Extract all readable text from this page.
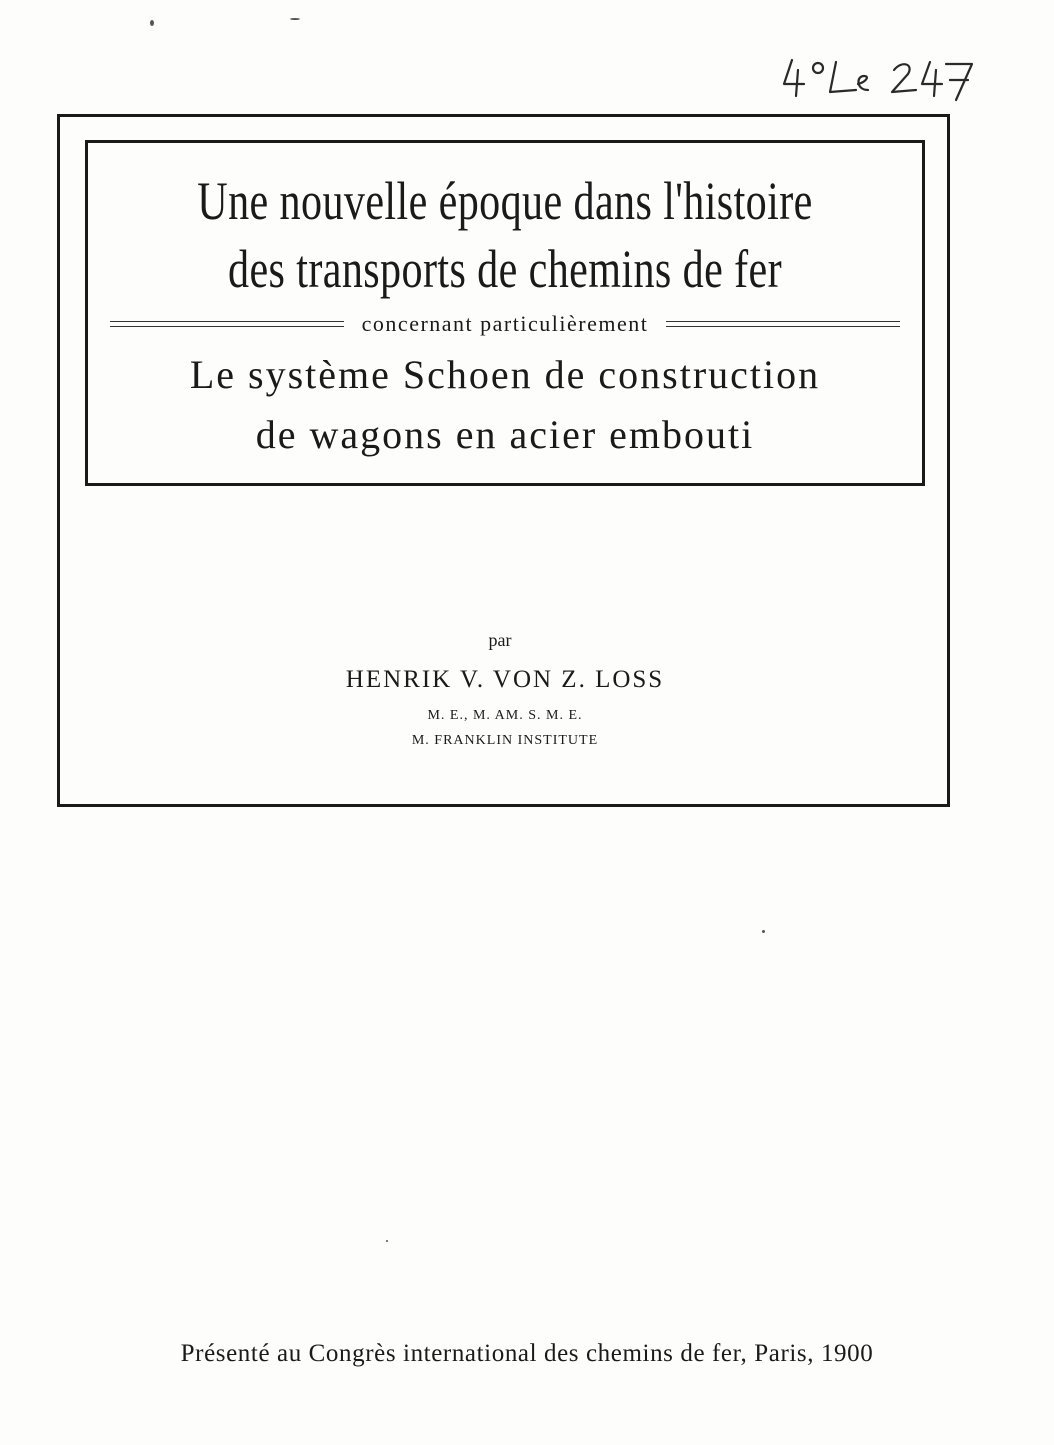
Une nouvelle époque dans l'histoire
des transports de chemins de fer
concernant particulièrement
Le système Schoen de construction
de wagons en acier embouti
par
HENRIK V. VON Z. LOSS
M. E., M. AM. S. M. E.
M. FRANKLIN INSTITUTE
Présenté au Congrès international des chemins de fer, Paris, 1900
